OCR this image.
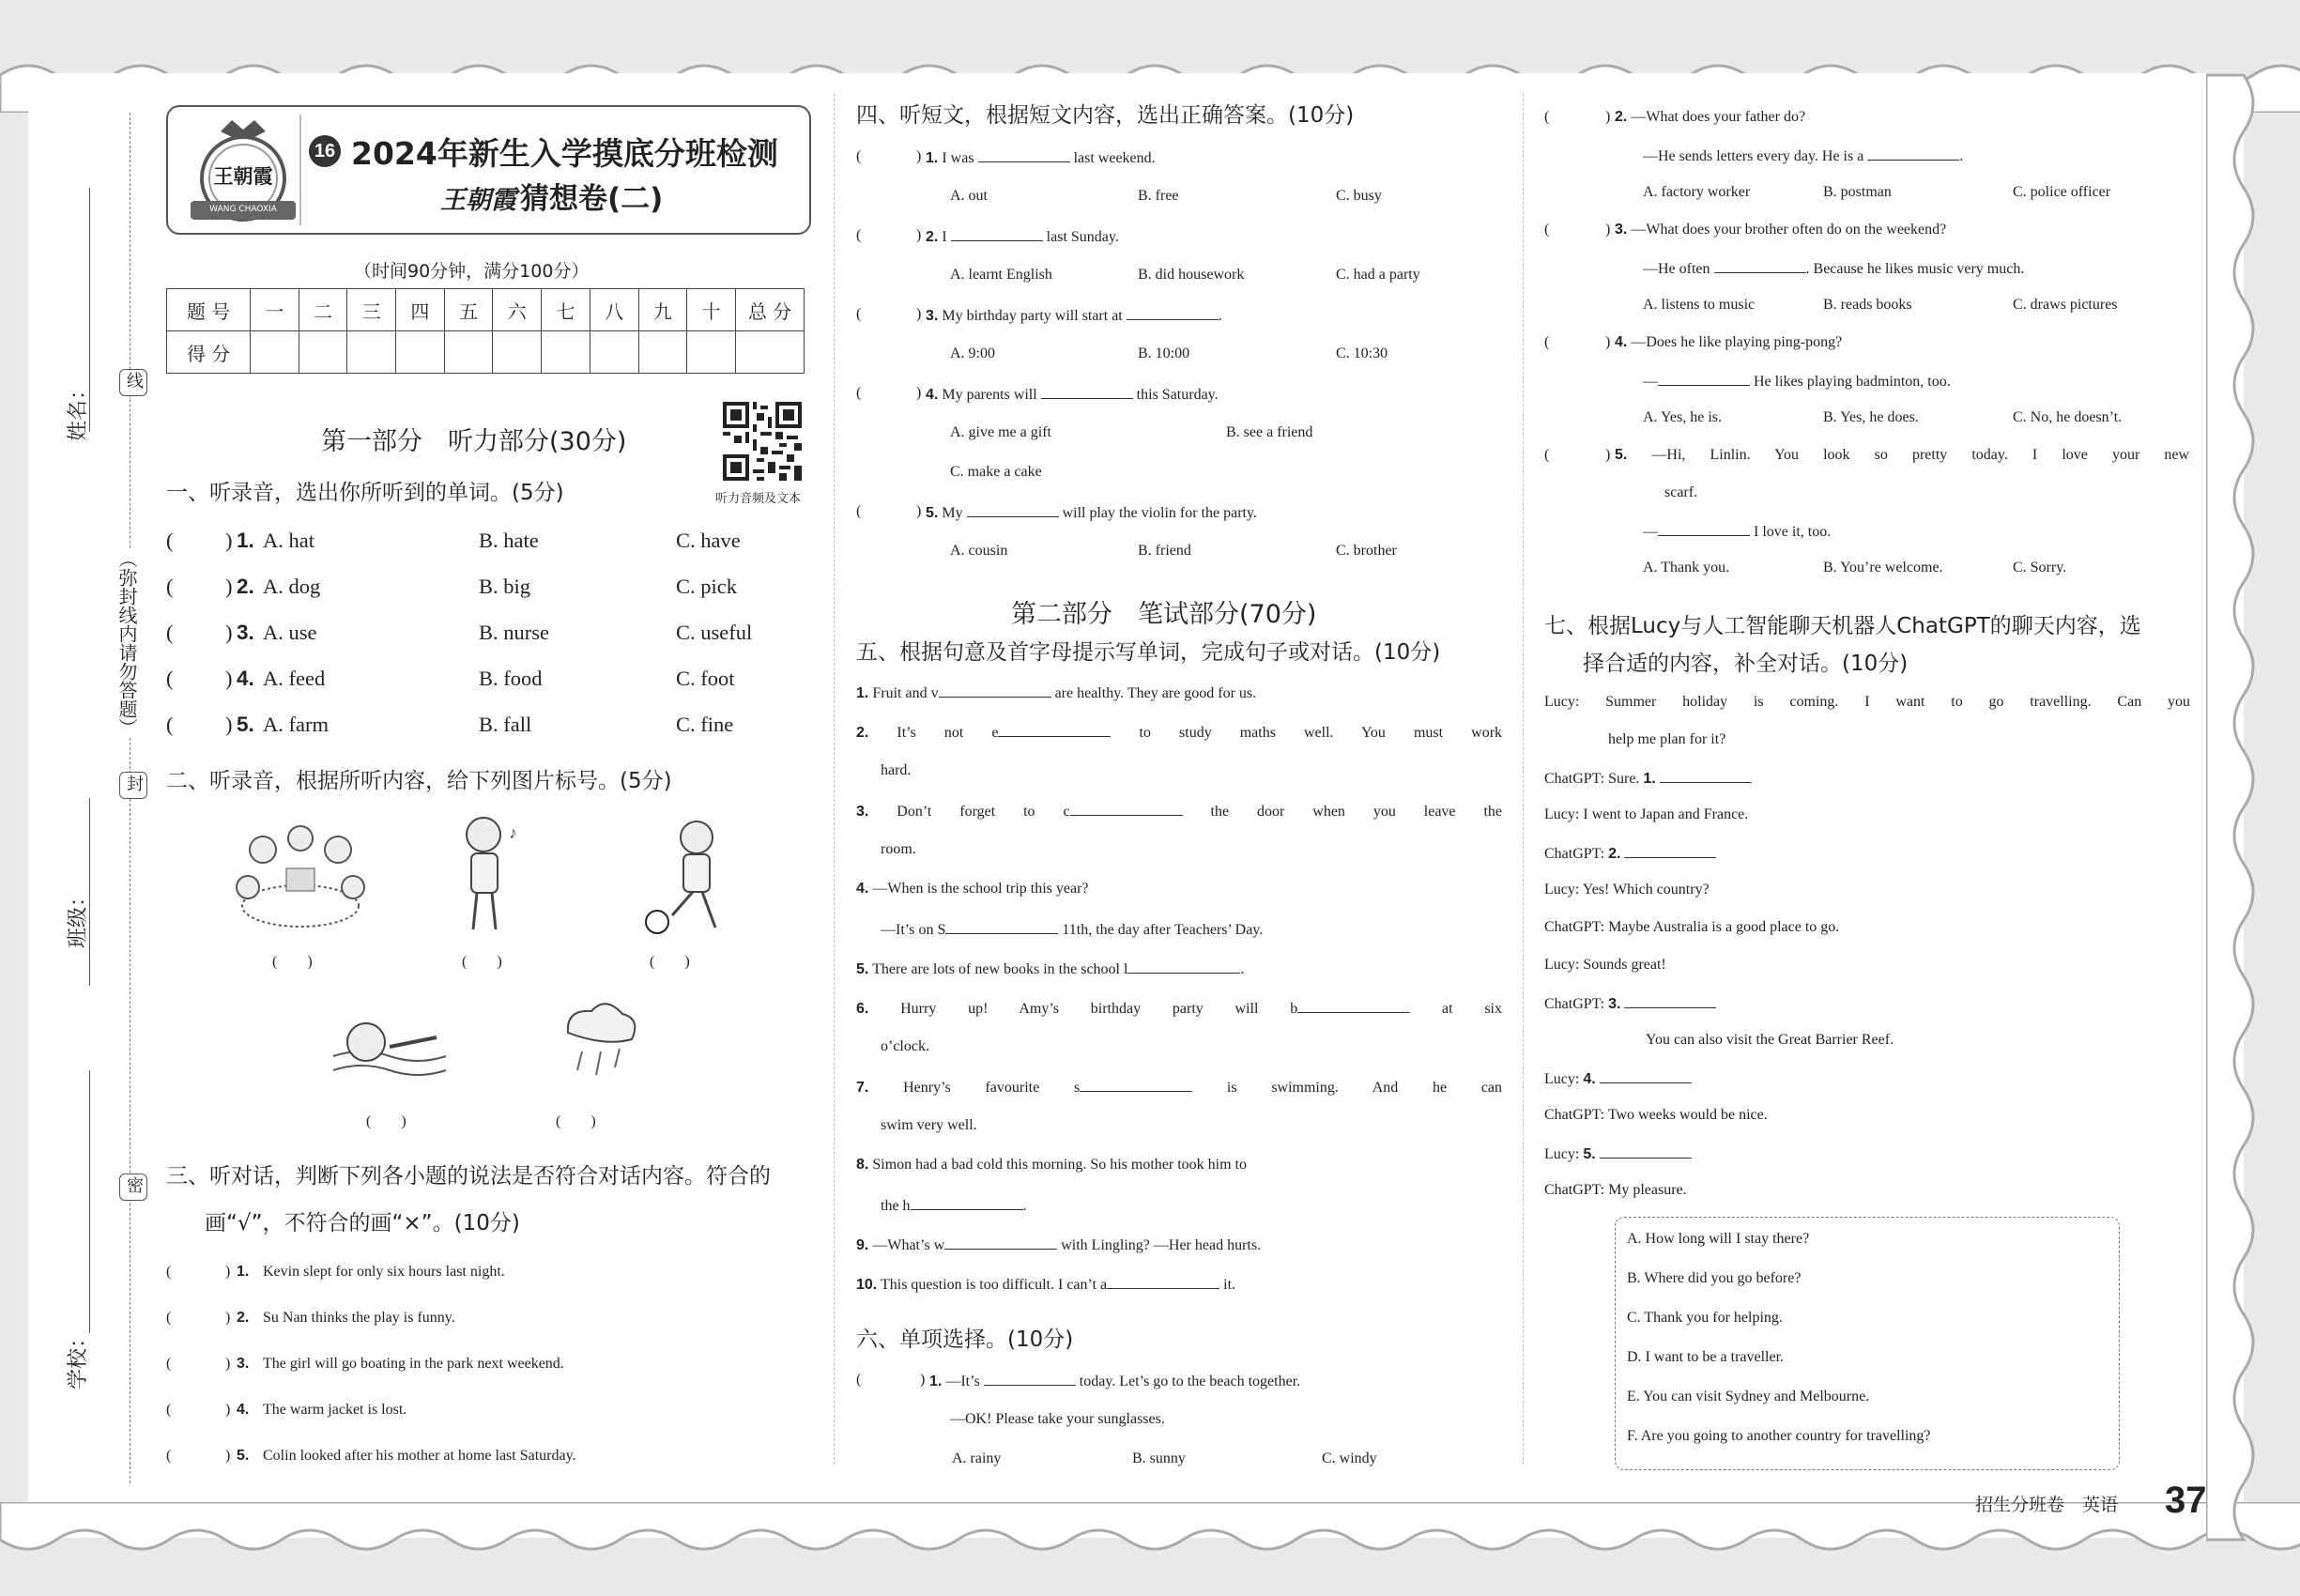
姓名：
班级：
学校：
线
（弥封线内请勿答题）
封
密
王朝霞
WANG CHAOXIA
16 2024年新生入学摸底分班检测
王朝霞 猜想卷(二)
（时间90分钟，满分100分）
题 号	一	二	三	四	五	六	七	八	九	十	总 分
得 分											
第一部分　听力部分(30分)
听力音频及文本
一、听录音，选出你所听到的单词。(5分)
( ) 1. A. hat	B. hate	C. have
( ) 2. A. dog	B. big	C. pick
( ) 3. A. use	B. nurse	C. useful
( ) 4. A. feed	B. food	C. foot
( ) 5. A. farm	B. fall	C. fine
二、听录音，根据所听内容，给下列图片标号。(5分)
♪
(　　)	(　　)	(　　)
(　　)	(　　)
三、听对话，判断下列各小题的说法是否符合对话内容。符合的
画“√”，不符合的画“×”。(10分)
(	) 1. Kevin slept for only six hours last night.
(	) 2. Su Nan thinks the play is funny.
(	) 3. The girl will go boating in the park next weekend.
(	) 4. The warm jacket is lost.
(	) 5. Colin looked after his mother at home last Saturday.
四、听短文，根据短文内容，选出正确答案。(10分)
(	) 1. I was	last weekend.
A. out	B. free	C. busy
(	) 2. I	last Sunday.
A. learnt English	B. did housework	C. had a party
(	) 3. My birthday party will start at	.
A. 9:00	B. 10:00	C. 10:30
(	) 4. My parents will	this Saturday.
A. give me a gift	B. see a friend
C. make a cake
(	) 5. My	will play the violin for the party.
A. cousin	B. friend	C. brother
第二部分　笔试部分(70分)
五、根据句意及首字母提示写单词，完成句子或对话。(10分)
1. Fruit and v	are healthy. They are good for us.
2. It’s not e	to study maths well. You must work
hard.
3. Don’t forget to c	the door when you leave the
room.
4. —When is the school trip this year?
—It’s on S	11th, the day after Teachers’ Day.
5. There are lots of new books in the school l	.
6. Hurry up! Amy’s birthday party will b	at six
o’clock.
7. Henry’s favourite s	is swimming. And he can
swim very well.
8. Simon had a bad cold this morning. So his mother took him to
the h	.
9. —What’s w	with Lingling? —Her head hurts.
10. This question is too difficult. I can’t a	it.
六、单项选择。(10分)
(	) 1. —It’s	today. Let’s go to the beach together.
—OK! Please take your sunglasses.
A. rainy	B. sunny	C. windy
(	) 2. —What does your father do?
—He sends letters every day. He is a	.
A. factory worker	B. postman	C. police officer
(	) 3. —What does your brother often do on the weekend?
—He often	. Because he likes music very much.
A. listens to music	B. reads books	C. draws pictures
(	) 4. —Does he like playing ping-pong?
—	He likes playing badminton, too.
A. Yes, he is.	B. Yes, he does.	C. No, he doesn’t.
(	) 5. —Hi, Linlin. You look so pretty today. I love your new
scarf.
—	I love it, too.
A. Thank you.	B. You’re welcome.	C. Sorry.
七、根据Lucy与人工智能聊天机器人ChatGPT的聊天内容，选
择合适的内容，补全对话。(10分)
Lucy: Summer holiday is coming. I want to go travelling. Can you
help me plan for it?
ChatGPT: Sure. 1.
Lucy: I went to Japan and France.
ChatGPT: 2.
Lucy: Yes! Which country?
ChatGPT: Maybe Australia is a good place to go.
Lucy: Sounds great!
ChatGPT: 3.
You can also visit the Great Barrier Reef.
Lucy: 4.
ChatGPT: Two weeks would be nice.
Lucy: 5.
ChatGPT: My pleasure.
A. How long will I stay there?
B. Where did you go before?
C. Thank you for helping.
D. I want to be a traveller.
E. You can visit Sydney and Melbourne.
F. Are you going to another country for travelling?
招生分班卷　英语 37
